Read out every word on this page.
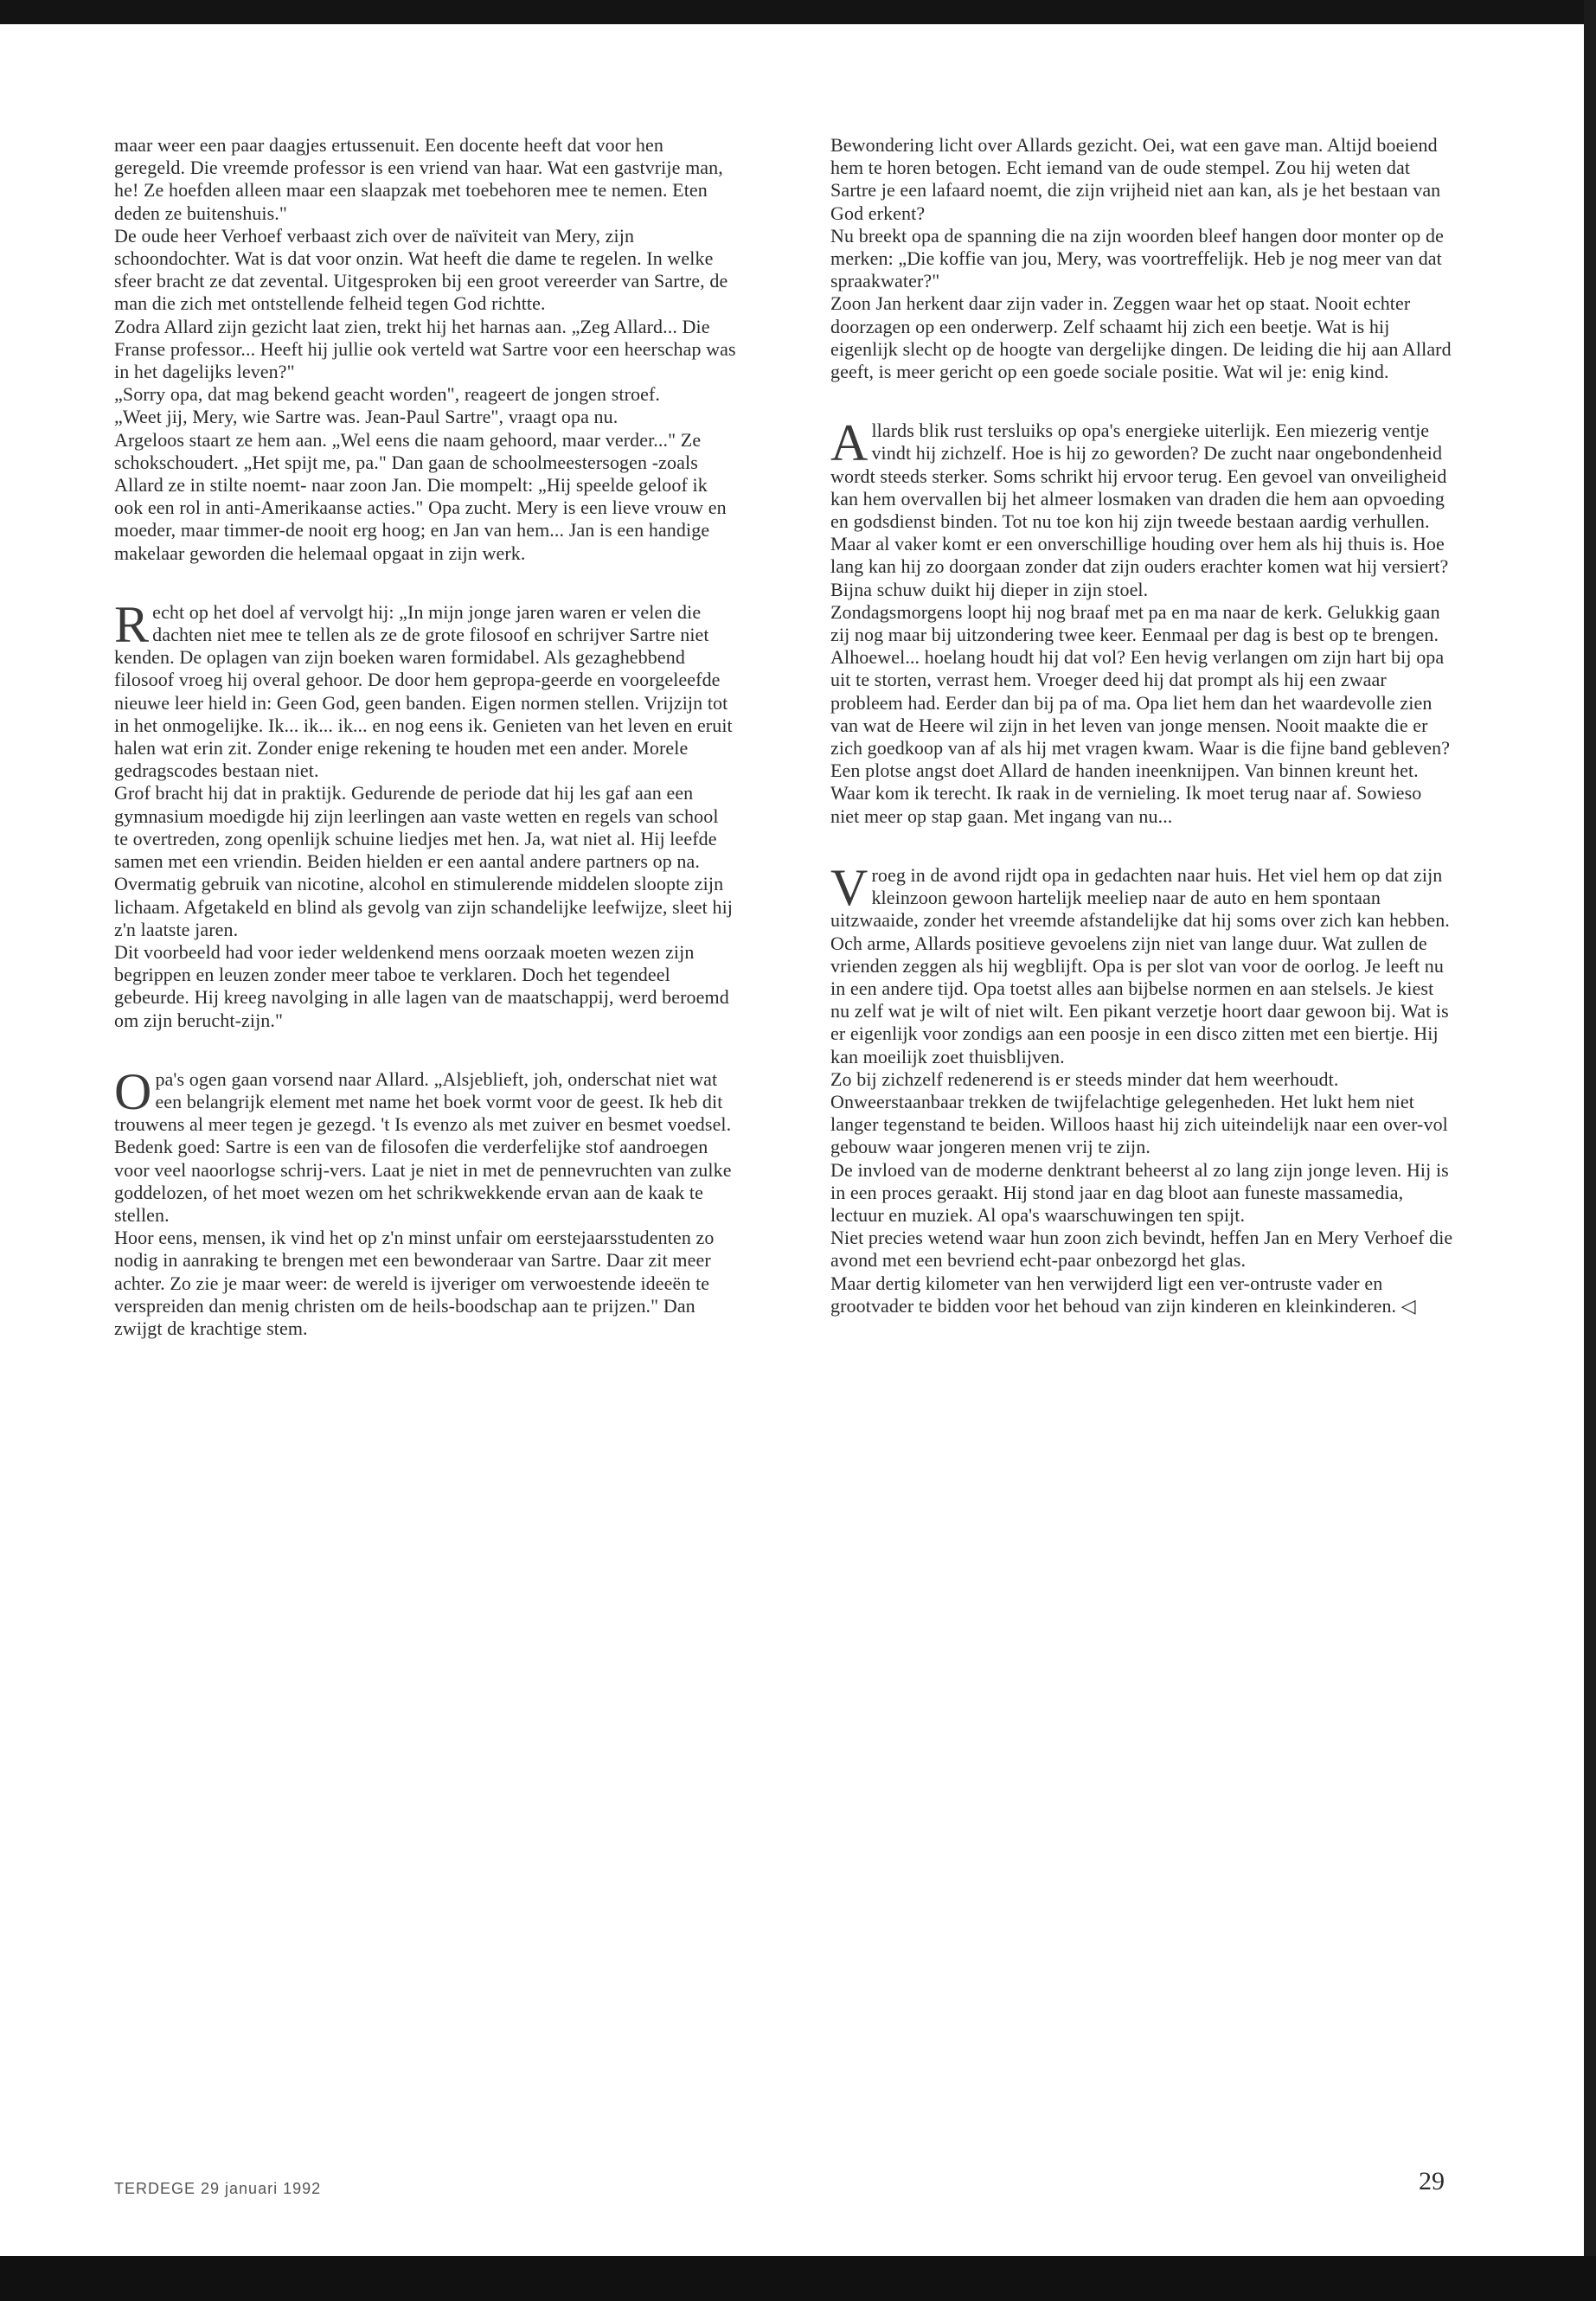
maar weer een paar daagjes ertussenuit. Een docente heeft dat voor hen geregeld. Die vreemde professor is een vriend van haar. Wat een gastvrije man, he! Ze hoefden alleen maar een slaapzak met toebehoren mee te nemen. Eten deden ze buitenshuis."

De oude heer Verhoef verbaast zich over de naïviteit van Mery, zijn schoondochter. Wat is dat voor onzin. Wat heeft die dame te regelen. In welke sfeer bracht ze dat zevental. Uitgesproken bij een groot vereerder van Sartre, de man die zich met ontstellende felheid tegen God richtte.

Zodra Allard zijn gezicht laat zien, trekt hij het harnas aan. „Zeg Allard... Die Franse professor... Heeft hij jullie ook verteld wat Sartre voor een heerschap was in het dagelijks leven?"

„Sorry opa, dat mag bekend geacht worden", reageert de jongen stroef.

„Weet jij, Mery, wie Sartre was. Jean-Paul Sartre", vraagt opa nu.

Argeloos staart ze hem aan. „Wel eens die naam gehoord, maar verder..." Ze schokschoudert. „Het spijt me, pa." Dan gaan de schoolmeestersogen -zoals Allard ze in stilte noemt- naar zoon Jan. Die mompelt: „Hij speelde geloof ik ook een rol in anti-Amerikaanse acties." Opa zucht. Mery is een lieve vrouw en moeder, maar timmer-de nooit erg hoog; en Jan van hem... Jan is een handige makelaar geworden die helemaal opgaat in zijn werk.

Recht op het doel af vervolgt hij: „In mijn jonge jaren waren er velen die dachten niet mee te tellen als ze de grote filosoof en schrijver Sartre niet kenden. De oplagen van zijn boeken waren formidabel. Als gezaghebbend filosoof vroeg hij overal gehoor. De door hem gepropa-geerde en voorgeleefde nieuwe leer hield in: Geen God, geen banden. Eigen normen stellen. Vrijzijn tot in het onmogelijke. Ik... ik... ik... en nog eens ik. Genieten van het leven en eruit halen wat erin zit. Zonder enige rekening te houden met een ander. Morele gedragscodes bestaan niet.

Grof bracht hij dat in praktijk. Gedurende de periode dat hij les gaf aan een gymnasium moedigde hij zijn leerlingen aan vaste wetten en regels van school te overtreden, zong openlijk schuine liedjes met hen. Ja, wat niet al. Hij leefde samen met een vriendin. Beiden hielden er een aantal andere partners op na. Overmatig gebruik van nicotine, alcohol en stimulerende middelen sloopte zijn lichaam. Afgetakeld en blind als gevolg van zijn schandelijke leefwijze, sleet hij z'n laatste jaren.

Dit voorbeeld had voor ieder weldenkend mens oorzaak moeten wezen zijn begrippen en leuzen zonder meer taboe te verklaren. Doch het tegendeel gebeurde. Hij kreeg navolging in alle lagen van de maatschappij, werd beroemd om zijn berucht-zijn."

Opa's ogen gaan vorsend naar Allard. „Alsjeblieft, joh, onderschat niet wat een belangrijk element met name het boek vormt voor de geest. Ik heb dit trouwens al meer tegen je gezegd. 't Is evenzo als met zuiver en besmet voedsel. Bedenk goed: Sartre is een van de filosofen die verderfelijke stof aandroegen voor veel naoorlogse schrij-vers. Laat je niet in met de pennevruchten van zulke goddelozen, of het moet wezen om het schrikwekkende ervan aan de kaak te stellen.

Hoor eens, mensen, ik vind het op z'n minst unfair om eerstejaarsstudenten zo nodig in aanraking te brengen met een bewonderaar van Sartre. Daar zit meer achter. Zo zie je maar weer: de wereld is ijveriger om verwoestende ideeën te verspreiden dan menig christen om de heils-boodschap aan te prijzen." Dan zwijgt de krachtige stem.

Bewondering licht over Allards gezicht. Oei, wat een gave man. Altijd boeiend hem te horen betogen. Echt iemand van de oude stempel. Zou hij weten dat Sartre je een lafaard noemt, die zijn vrijheid niet aan kan, als je het bestaan van God erkent?

Nu breekt opa de spanning die na zijn woorden bleef hangen door monter op de merken: „Die koffie van jou, Mery, was voortreffelijk. Heb je nog meer van dat spraakwater?"

Zoon Jan herkent daar zijn vader in. Zeggen waar het op staat. Nooit echter doorzagen op een onderwerp. Zelf schaamt hij zich een beetje. Wat is hij eigenlijk slecht op de hoogte van dergelijke dingen. De leiding die hij aan Allard geeft, is meer gericht op een goede sociale positie. Wat wil je: enig kind.

Allards blik rust tersluiks op opa's energieke uiterlijk. Een miezerig ventje vindt hij zichzelf. Hoe is hij zo geworden? De zucht naar ongebondenheid wordt steeds sterker. Soms schrikt hij ervoor terug. Een gevoel van onveiligheid kan hem overvallen bij het almeer losmaken van draden die hem aan opvoeding en godsdienst binden. Tot nu toe kon hij zijn tweede bestaan aardig verhullen. Maar al vaker komt er een onverschillige houding over hem als hij thuis is. Hoe lang kan hij zo doorgaan zonder dat zijn ouders erachter komen wat hij versiert? Bijna schuw duikt hij dieper in zijn stoel.

Zondagsmorgens loopt hij nog braaf met pa en ma naar de kerk. Gelukkig gaan zij nog maar bij uitzondering twee keer. Eenmaal per dag is best op te brengen. Alhoewel... hoelang houdt hij dat vol? Een hevig verlangen om zijn hart bij opa uit te storten, verrast hem. Vroeger deed hij dat prompt als hij een zwaar probleem had. Eerder dan bij pa of ma. Opa liet hem dan het waardevolle zien van wat de Heere wil zijn in het leven van jonge mensen. Nooit maakte die er zich goedkoop van af als hij met vragen kwam. Waar is die fijne band gebleven?

Een plotse angst doet Allard de handen ineenknijpen. Van binnen kreunt het. Waar kom ik terecht. Ik raak in de vernieling. Ik moet terug naar af. Sowieso niet meer op stap gaan. Met ingang van nu...

Vroeg in de avond rijdt opa in gedachten naar huis. Het viel hem op dat zijn kleinzoon gewoon hartelijk meeliep naar de auto en hem spontaan uitzwaaide, zonder het vreemde afstandelijke dat hij soms over zich kan hebben. Och arme, Allards positieve gevoelens zijn niet van lange duur. Wat zullen de vrienden zeggen als hij wegblijft. Opa is per slot van voor de oorlog. Je leeft nu in een andere tijd. Opa toetst alles aan bijbelse normen en aan stelsels. Je kiest nu zelf wat je wilt of niet wilt. Een pikant verzetje hoort daar gewoon bij. Wat is er eigenlijk voor zondigs aan een poosje in een disco zitten met een biertje. Hij kan moeilijk zoet thuisblijven.

Zo bij zichzelf redenerend is er steeds minder dat hem weerhoudt. Onweerstaanbaar trekken de twijfelachtige gelegenheden. Het lukt hem niet langer tegenstand te beiden. Willoos haast hij zich uiteindelijk naar een over-vol gebouw waar jongeren menen vrij te zijn.

De invloed van de moderne denktrant beheerst al zo lang zijn jonge leven. Hij is in een proces geraakt. Hij stond jaar en dag bloot aan funeste massamedia, lectuur en muziek. Al opa's waarschuwingen ten spijt.

Niet precies wetend waar hun zoon zich bevindt, heffen Jan en Mery Verhoef die avond met een bevriend echt-paar onbezorgd het glas.

Maar dertig kilometer van hen verwijderd ligt een ver-ontruste vader en grootvader te bidden voor het behoud van zijn kinderen en kleinkinderen. ◁

TERDEGE 29 januari 1992	29
